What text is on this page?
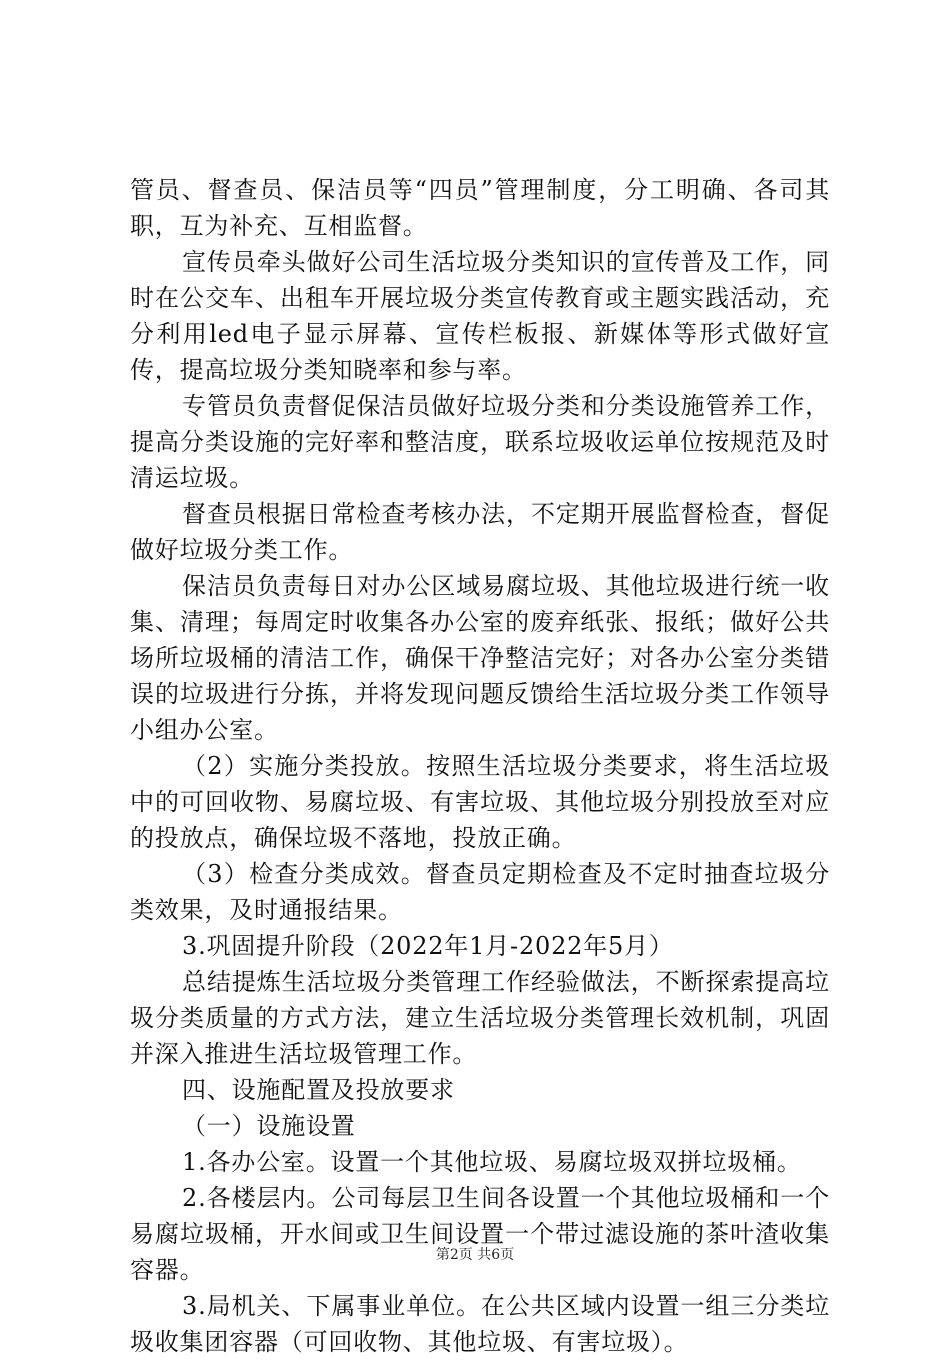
管员、督查员、保洁员等“四员”管理制度，分工明确、各司其职，互为补充、互相监督。

宣传员牵头做好公司生活垃圾分类知识的宣传普及工作，同时在公交车、出租车开展垃圾分类宣传教育或主题实践活动，充分利用led电子显示屏幕、宣传栏板报、新媒体等形式做好宣传，提高垃圾分类知晓率和参与率。

专管员负责督促保洁员做好垃圾分类和分类设施管养工作，提高分类设施的完好率和整洁度，联系垃圾收运单位按规范及时清运垃圾。

督查员根据日常检查考核办法，不定期开展监督检查，督促做好垃圾分类工作。

保洁员负责每日对办公区域易腐垃圾、其他垃圾进行统一收集、清理；每周定时收集各办公室的废弃纸张、报纸；做好公共场所垃圾桶的清洁工作，确保干净整洁完好；对各办公室分类错误的垃圾进行分拣，并将发现问题反馈给生活垃圾分类工作领导小组办公室。

（2）实施分类投放。按照生活垃圾分类要求，将生活垃圾中的可回收物、易腐垃圾、有害垃圾、其他垃圾分别投放至对应的投放点，确保垃圾不落地，投放正确。

（3）检查分类成效。督查员定期检查及不定时抽查垃圾分类效果，及时通报结果。

3.巩固提升阶段（2022年1月-2022年5月）

总结提炼生活垃圾分类管理工作经验做法，不断探索提高垃圾分类质量的方式方法，建立生活垃圾分类管理长效机制，巩固并深入推进生活垃圾管理工作。

四、设施配置及投放要求

（一）设施设置

1.各办公室。设置一个其他垃圾、易腐垃圾双拼垃圾桶。

2.各楼层内。公司每层卫生间各设置一个其他垃圾桶和一个易腐垃圾桶，开水间或卫生间设置一个带过滤设施的茶叶渣收集容器。

3.局机关、下属事业单位。在公共区域内设置一组三分类垃圾收集团容器（可回收物、其他垃圾、有害垃圾）。

第2页 共6页
